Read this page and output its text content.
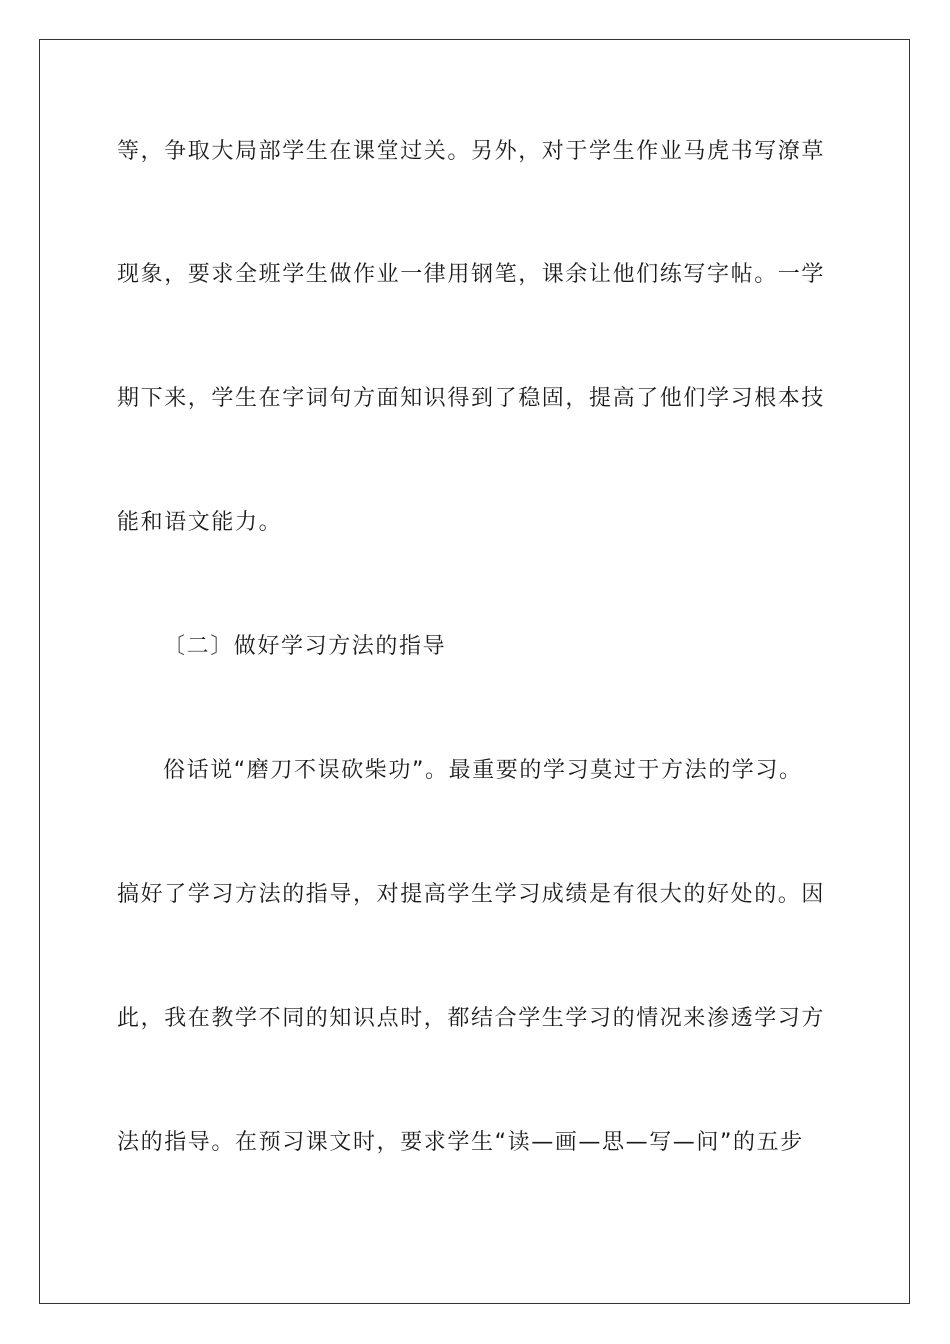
等，争取大局部学生在课堂过关。另外，对于学生作业马虎书写潦草
现象，要求全班学生做作业一律用钢笔，课余让他们练写字帖。一学
期下来，学生在字词句方面知识得到了稳固，提高了他们学习根本技
能和语文能力。
〔二〕做好学习方法的指导
俗话说“磨刀不误砍柴功”。最重要的学习莫过于方法的学习。
搞好了学习方法的指导，对提高学生学习成绩是有很大的好处的。因
此，我在教学不同的知识点时，都结合学生学习的情况来渗透学习方
法的指导。在预习课文时，要求学生“读—画—思—写—问”的五步
